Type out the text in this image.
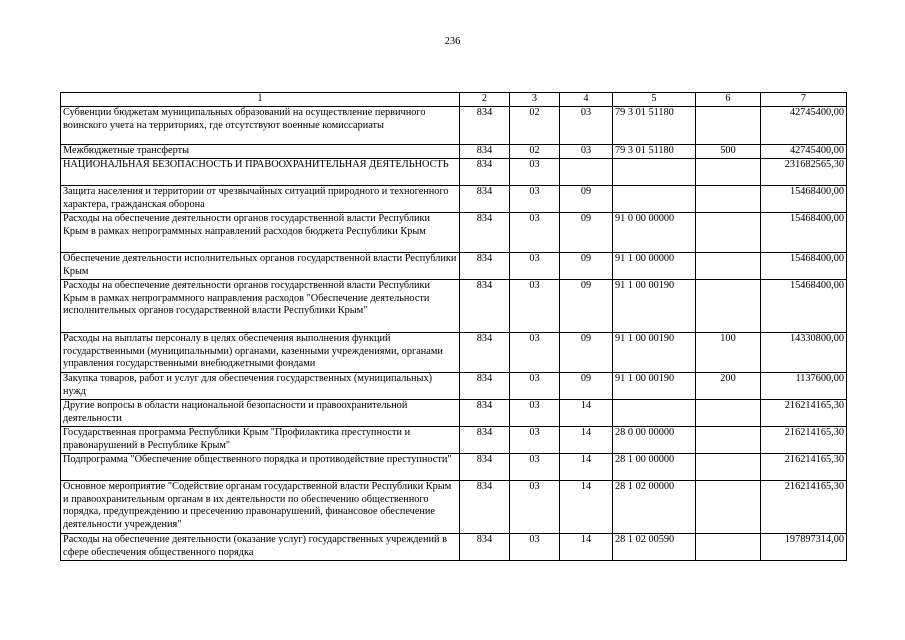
236
1	2	3	4	5	6	7
Субвенции бюджетам муниципальных образований на осуществление первичного воинского учета на территориях, где отсутствуют военные комиссариаты	834	02	03	79 3 01 51180		42745400,00
Межбюджетные трансферты	834	02	03	79 3 01 51180	500	42745400,00
НАЦИОНАЛЬНАЯ БЕЗОПАСНОСТЬ И ПРАВООХРАНИТЕЛЬНАЯ ДЕЯТЕЛЬНОСТЬ	834	03				231682565,30
Защита населения и территории от чрезвычайных ситуаций природного и техногенного характера, гражданская оборона	834	03	09			15468400,00
Расходы на обеспечение деятельности органов государственной власти Республики Крым в рамках непрограммных направлений расходов бюджета Республики Крым	834	03	09	91 0 00 00000		15468400,00
Обеспечение деятельности исполнительных органов государственной власти Республики Крым	834	03	09	91 1 00 00000		15468400,00
Расходы на обеспечение деятельности органов государственной власти Республики Крым в рамках непрограммного направления расходов "Обеспечение деятельности исполнительных органов государственной власти Республики Крым"	834	03	09	91 1 00 00190		15468400,00
Расходы на выплаты персоналу в целях обеспечения выполнения функций государственными (муниципальными) органами, казенными учреждениями, органами управления государственными внебюджетными фондами	834	03	09	91 1 00 00190	100	14330800,00
Закупка товаров, работ и услуг для обеспечения государственных (муниципальных) нужд	834	03	09	91 1 00 00190	200	1137600,00
Другие вопросы в области национальной безопасности и правоохранительной деятельности	834	03	14			216214165,30
Государственная программа Республики Крым "Профилактика преступности и правонарушений в Республике Крым"	834	03	14	28 0 00 00000		216214165,30
Подпрограмма "Обеспечение общественного порядка и противодействие преступности"	834	03	14	28 1 00 00000		216214165,30
Основное мероприятие "Содействие органам государственной власти Республики Крым и правоохранительным органам в их деятельности по обеспечению общественного порядка, предупреждению и пресечению правонарушений, финансовое обеспечение деятельности учреждения"	834	03	14	28 1 02 00000		216214165,30
Расходы на обеспечение деятельности (оказание услуг) государственных учреждений в сфере обеспечения общественного порядка	834	03	14	28 1 02 00590		197897314,00
